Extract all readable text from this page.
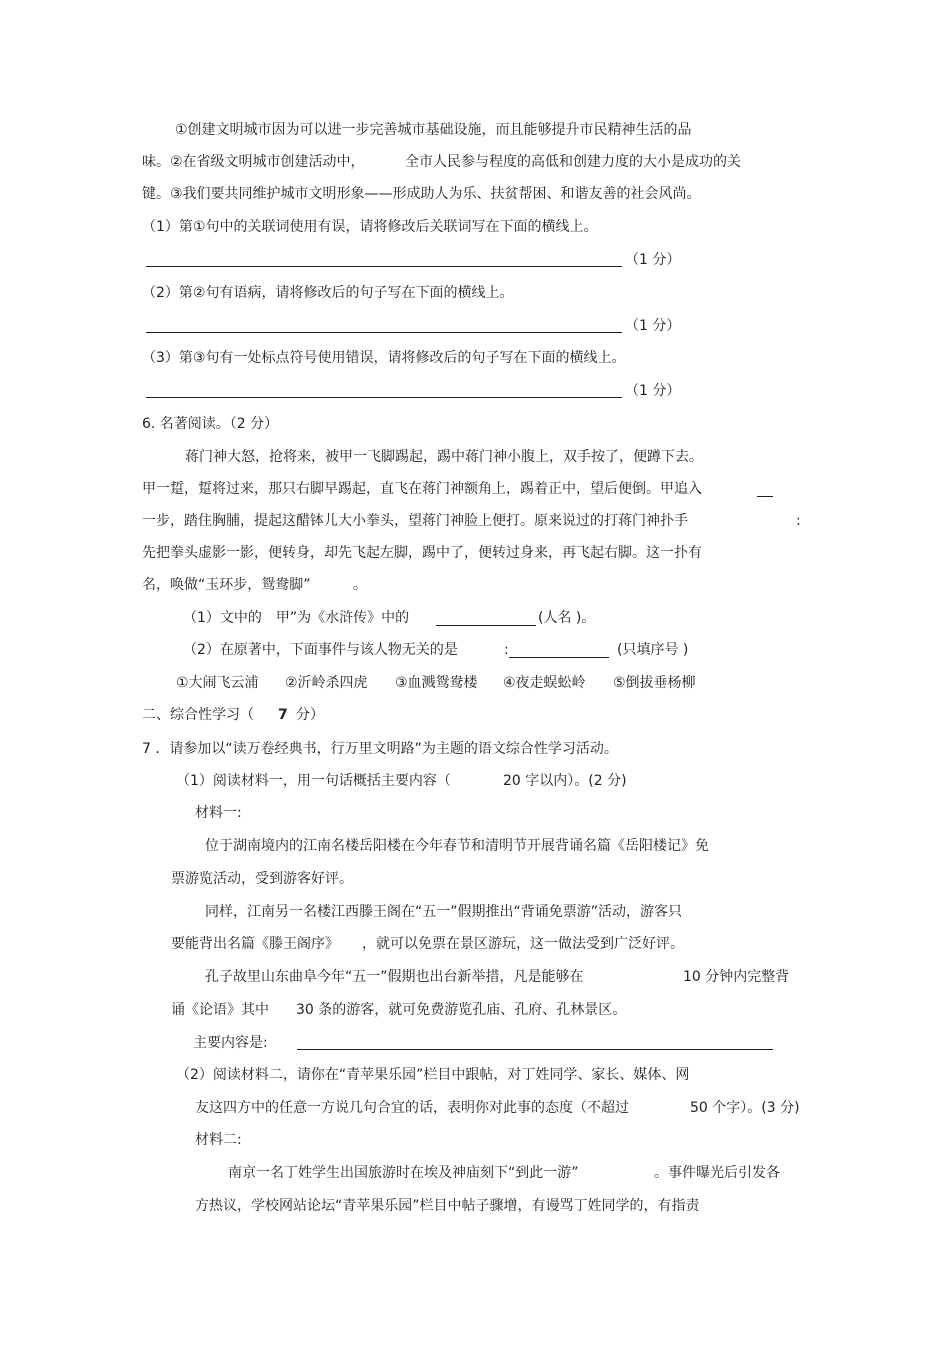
①创建文明城市因为可以进一步完善城市基础设施，而且能够提升市民精神生活的品
味。②在省级文明城市创建活动中，	全市人民参与程度的高低和创建力度的大小是成功的关
键。③我们要共同维护城市文明形象——形成助人为乐、扶贫帮困、和谐友善的社会风尚。
（1）第①句中的关联词使用有误，请将修改后关联词写在下面的横线上。
（1 分）
（2）第②句有语病，请将修改后的句子写在下面的横线上。
（1 分）
（3）第③句有一处标点符号使用错误，请将修改后的句子写在下面的横线上。
（1 分）
6. 名著阅读。（2 分）
蒋门神大怒，抢将来，被甲一飞脚踢起，踢中蒋门神小腹上，双手按了，便蹲下去。
甲一踅，踅将过来，那只右脚早踢起，直飞在蒋门神额角上，踢着正中，望后便倒。甲追入
一步，踏住胸脯，提起这醋钵儿大小拳头，望蒋门神脸上便打。原来说过的打蒋门神扑手	:
先把拳头虚影一影，便转身，却先飞起左脚，踢中了，便转过身来，再飞起右脚。这一扑有
名，唤做“玉环步，鸳鸯脚”	。
（1）文中的　甲”为《水浒传》中的	(人名 )。
（2）在原著中，下面事件与该人物无关的是	:	(只填序号 )
①大闹飞云浦 ②沂岭杀四虎 ③血溅鸳鸯楼 ④夜走蜈蚣岭 ⑤倒拔垂杨柳
二、综合性学习（ 7 分）
7 ．请参加以“读万卷经典书，行万里文明路”为主题的语文综合性学习活动。
（1）阅读材料一，用一句话概括主要内容（	20 字以内）。(2 分)
材料一:
位于湖南境内的江南名楼岳阳楼在今年春节和清明节开展背诵名篇《岳阳楼记》免
票游览活动，受到游客好评。
同样，江南另一名楼江西滕王阁在“五一”假期推出“背诵免票游”活动，游客只
要能背出名篇《滕王阁序》 ，就可以免票在景区游玩，这一做法受到广泛好评。
孔子故里山东曲阜今年“五一”假期也出台新举措，凡是能够在	10 分钟内完整背
诵《论语》其中 30 条的游客，就可免费游览孔庙、孔府、孔林景区。
主要内容是:
（2）阅读材料二，请你在“青苹果乐园”栏目中跟帖，对丁姓同学、家长、媒体、网
友这四方中的任意一方说几句合宜的话，表明你对此事的态度（不超过	50 个字）。(3 分)
材料二:
南京一名丁姓学生出国旅游时在埃及神庙刻下“到此一游”	。事件曝光后引发各
方热议，学校网站论坛“青苹果乐园”栏目中帖子骤增，有谩骂丁姓同学的，有指责
